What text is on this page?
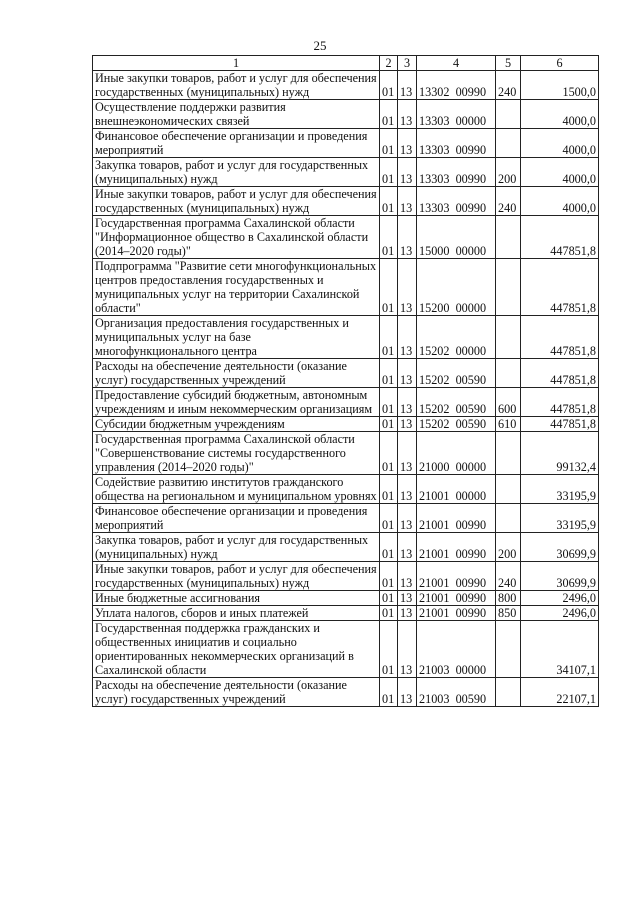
25
1	2	3	4	5	6
Иные закупки товаров, работ и услуг для обеспечения государственных (муниципальных) нужд	01	13	13302  00990	240	1500,0
Осуществление поддержки развития внешнеэкономических связей	01	13	13303  00000		4000,0
Финансовое обеспечение организации и проведения мероприятий	01	13	13303  00990		4000,0
Закупка товаров, работ и услуг для государственных (муниципальных) нужд	01	13	13303  00990	200	4000,0
Иные закупки товаров, работ и услуг для обеспечения государственных (муниципальных) нужд	01	13	13303  00990	240	4000,0
Государственная программа Сахалинской области "Информационное общество в Сахалинской области (2014–2020 годы)"	01	13	15000  00000		447851,8
Подпрограмма "Развитие сети многофункциональных центров предоставления государственных и муниципальных услуг на территории Сахалинской области"	01	13	15200  00000		447851,8
Организация предоставления государственных и муниципальных услуг на базе многофункционального центра	01	13	15202  00000		447851,8
Расходы на обеспечение деятельности (оказание услуг) государственных учреждений	01	13	15202  00590		447851,8
Предоставление субсидий бюджетным, автономным учреждениям и иным некоммерческим организациям	01	13	15202  00590	600	447851,8
Субсидии бюджетным учреждениям	01	13	15202  00590	610	447851,8
Государственная программа Сахалинской области "Совершенствование системы государственного управления (2014–2020 годы)"	01	13	21000  00000		99132,4
Содействие развитию институтов гражданского общества на региональном и муниципальном уровнях	01	13	21001  00000		33195,9
Финансовое обеспечение организации и проведения мероприятий	01	13	21001  00990		33195,9
Закупка товаров, работ и услуг для государственных (муниципальных) нужд	01	13	21001  00990	200	30699,9
Иные закупки товаров, работ и услуг для обеспечения государственных (муниципальных) нужд	01	13	21001  00990	240	30699,9
Иные бюджетные ассигнования	01	13	21001  00990	800	2496,0
Уплата налогов, сборов и иных платежей	01	13	21001  00990	850	2496,0
Государственная поддержка гражданских и общественных инициатив и социально ориентированных некоммерческих организаций в Сахалинской области	01	13	21003  00000		34107,1
Расходы на обеспечение деятельности (оказание услуг) государственных учреждений	01	13	21003  00590		22107,1
